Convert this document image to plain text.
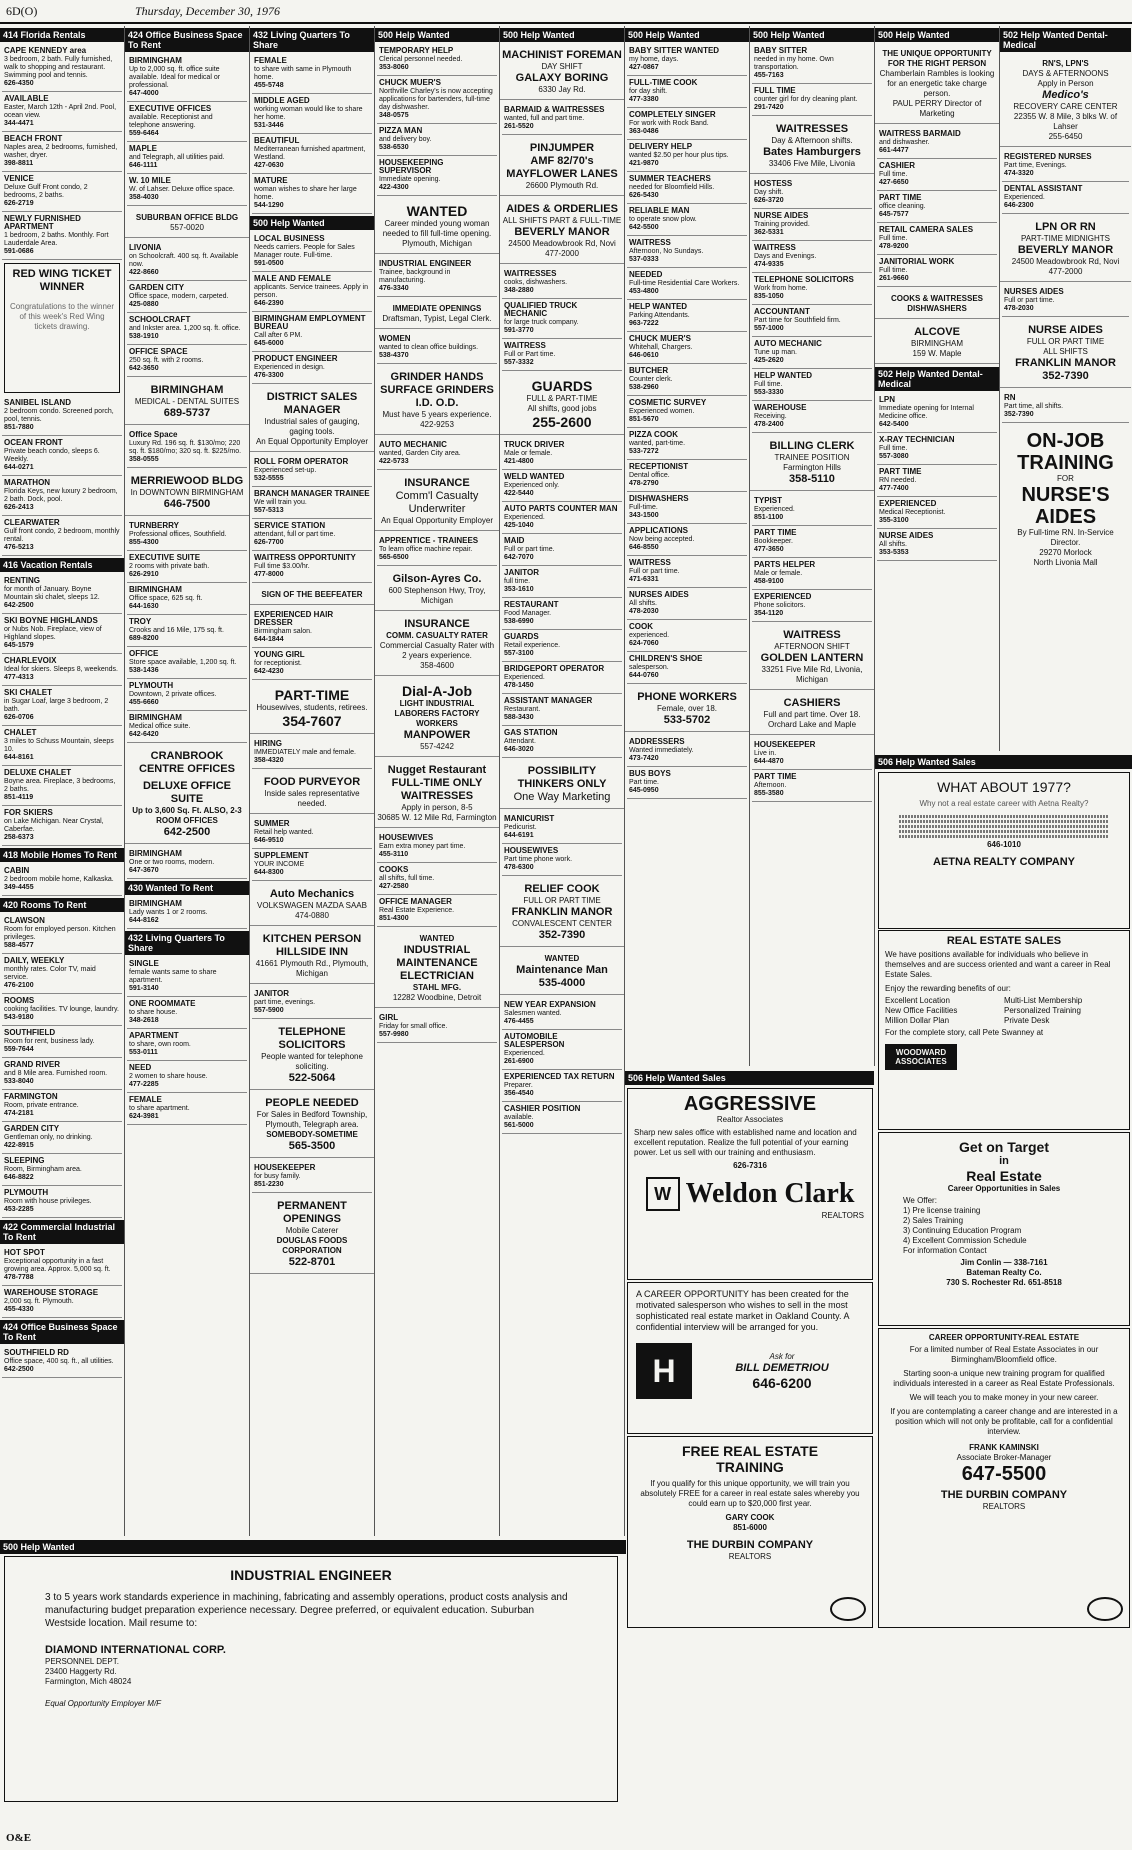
6D(O)	Thursday, December 30, 1976
414 Florida Rentals
CAPE KENNEDY area
3 bedroom, 2 bath. Fully furnished, walk to shopping and restaurant. Swimming pool and tennis.
626-4350
AVAILABLE
Easter, March 12th - April 2nd. Pool, ocean view.
344-4471
BEACH FRONT
Naples area, 2 bedrooms, furnished, washer, dryer.
398-8811
VENICE
Deluxe Gulf Front condo, 2 bedrooms, 2 baths.
626-2719
NEWLY FURNISHED APARTMENT
1 bedroom, 2 baths. Monthly. Fort Lauderdale Area.
591-0686
RED WING TICKET WINNER
Congratulations to the winner of this week's Red Wing tickets drawing.
SANIBEL ISLAND
2 bedroom condo. Screened porch, pool, tennis.
851-7880
OCEAN FRONT
Private beach condo, sleeps 6. Weekly.
644-0271
MARATHON
Florida Keys, new luxury 2 bedroom, 2 bath. Dock, pool.
626-2413
CLEARWATER
Gulf front condo, 2 bedroom, monthly rental.
476-5213
416 Vacation Rentals
RENTING
for month of January. Boyne Mountain ski chalet, sleeps 12.
642-2500
SKI BOYNE HIGHLANDS
or Nubs Nob. Fireplace, view of Highland slopes.
645-1579
CHARLEVOIX
Ideal for skiers. Sleeps 8, weekends.
477-4313
SKI CHALET
in Sugar Loaf, large 3 bedroom, 2 bath.
626-0706
CHALET
3 miles to Schuss Mountain, sleeps 10.
644-8161
DELUXE CHALET
Boyne area. Fireplace, 3 bedrooms, 2 baths.
851-4119
FOR SKIERS
on Lake Michigan. Near Crystal, Caberfae.
258-6373
418 Mobile Homes To Rent
CABIN
2 bedroom mobile home, Kalkaska.
349-4455
420 Rooms To Rent
CLAWSON
Room for employed person. Kitchen privileges.
588-4577
DAILY, WEEKLY
monthly rates. Color TV, maid service.
476-2100
ROOMS
cooking facilities. TV lounge, laundry.
543-9180
SOUTHFIELD
Room for rent, business lady.
559-7644
GRAND RIVER
and 8 Mile area. Furnished room.
533-8040
FARMINGTON
Room, private entrance.
474-2181
GARDEN CITY
Gentleman only, no drinking.
422-8915
SLEEPING
Room, Birmingham area.
646-8822
PLYMOUTH
Room with house privileges.
453-2285
422 Commercial Industrial To Rent
HOT SPOT
Exceptional opportunity in a fast growing area. Approx. 5,000 sq. ft.
478-7788
WAREHOUSE STORAGE
2,000 sq. ft. Plymouth.
455-4330
424 Office Business Space To Rent
SOUTHFIELD RD
Office space, 400 sq. ft., all utilities.
642-2500
424 Office Business Space To Rent
BIRMINGHAM
Up to 2,000 sq. ft. office suite available. Ideal for medical or professional.
647-4000
EXECUTIVE OFFICES
available. Receptionist and telephone answering.
559-6464
MAPLE
and Telegraph, all utilities paid.
646-1111
W. 10 MILE
W. of Lahser. Deluxe office space.
358-4030
SUBURBAN OFFICE BLDG
557-0020
LIVONIA
on Schoolcraft. 400 sq. ft. Available now.
422-8660
GARDEN CITY
Office space, modern, carpeted.
425-0880
SCHOOLCRAFT
and Inkster area. 1,200 sq. ft. office.
538-1910
OFFICE SPACE
250 sq. ft. with 2 rooms.
642-3650
BIRMINGHAM
MEDICAL - DENTAL SUITES
689-5737
Office Space
Luxury Rd. 196 sq. ft. $130/mo; 220 sq. ft. $180/mo; 320 sq. ft. $225/mo.
358-0555
MERRIEWOOD BLDG
In DOWNTOWN BIRMINGHAM
646-7500
TURNBERRY
Professional offices, Southfield.
855-4300
EXECUTIVE SUITE
2 rooms with private bath.
626-2910
BIRMINGHAM
Office space, 625 sq. ft.
644-1630
TROY
Crooks and 16 Mile, 175 sq. ft.
689-8200
OFFICE
Store space available, 1,200 sq. ft.
538-1436
PLYMOUTH
Downtown, 2 private offices.
455-6660
BIRMINGHAM
Medical office suite.
642-6420
CRANBROOK CENTRE OFFICES
DELUXE OFFICE SUITE
Up to 3,600 Sq. Ft. ALSO, 2-3 ROOM OFFICES
642-2500
BIRMINGHAM
One or two rooms, modern.
647-3670
430 Wanted To Rent
BIRMINGHAM
Lady wants 1 or 2 rooms.
644-8162
432 Living Quarters To Share
SINGLE
female wants same to share apartment.
591-3140
ONE ROOMMATE
to share house.
348-2618
APARTMENT
to share, own room.
553-0111
NEED
2 women to share house.
477-2285
FEMALE
to share apartment.
624-3981
432 Living Quarters To Share
FEMALE
to share with same in Plymouth home.
455-5748
MIDDLE AGED
working woman would like to share her home.
531-3446
BEAUTIFUL
Mediterranean furnished apartment, Westland.
427-0630
MATURE
woman wishes to share her large home.
544-1290
500 Help Wanted
LOCAL BUSINESS
Needs carriers. People for Sales Manager route. Full-time.
591-0500
MALE AND FEMALE
applicants. Service trainees. Apply in person.
646-2390
BIRMINGHAM EMPLOYMENT BUREAU
Call after 6 PM.
645-6000
PRODUCT ENGINEER
Experienced in design.
476-3300
DISTRICT SALES MANAGER
Industrial sales of gauging, gaging tools.
An Equal Opportunity Employer
ROLL FORM OPERATOR
Experienced set-up.
532-5555
BRANCH MANAGER TRAINEE
We will train you.
557-5313
SERVICE STATION
attendant, full or part time.
626-7700
WAITRESS OPPORTUNITY
Full time $3.00/hr.
477-8000
SIGN OF THE BEEFEATER
EXPERIENCED HAIR DRESSER
Birmingham salon.
644-1844
YOUNG GIRL
for receptionist.
642-4230
PART-TIME
Housewives, students, retirees.
354-7607
HIRING
IMMEDIATELY male and female.
358-4320
FOOD PURVEYOR
Inside sales representative needed.
SUMMER
Retail help wanted.
646-9510
SUPPLEMENT
YOUR INCOME
644-8300
Auto Mechanics
VOLKSWAGEN MAZDA SAAB
474-0880
KITCHEN PERSON
HILLSIDE INN
41661 Plymouth Rd., Plymouth, Michigan
JANITOR
part time, evenings.
557-5900
TELEPHONE SOLICITORS
People wanted for telephone soliciting.
522-5064
PEOPLE NEEDED
For Sales in Bedford Township, Plymouth, Telegraph area.
SOMEBODY-SOMETIME
565-3500
HOUSEKEEPER
for busy family.
851-2230
PERMANENT OPENINGS
Mobile Caterer
DOUGLAS FOODS CORPORATION
522-8701
500 Help Wanted
TEMPORARY HELP
Clerical personnel needed.
353-8060
CHUCK MUER'S
Northville Charley's is now accepting applications for bartenders, full-time day dishwasher.
348-0575
PIZZA MAN
and delivery boy.
538-6530
HOUSEKEEPING SUPERVISOR
Immediate opening.
422-4300
WANTED
Career minded young woman needed to fill full-time opening.
Plymouth, Michigan
INDUSTRIAL ENGINEER
Trainee, background in manufacturing.
476-3340
IMMEDIATE OPENINGS
Draftsman, Typist, Legal Clerk.
WOMEN
wanted to clean office buildings.
538-4370
GRINDER HANDS SURFACE GRINDERS I.D. O.D.
Must have 5 years experience.
422-9253
AUTO MECHANIC
wanted, Garden City area.
422-5733
INSURANCE
Comm'l Casualty Underwriter
An Equal Opportunity Employer
APPRENTICE - TRAINEES
To learn office machine repair.
565-6500
Gilson-Ayres Co.
600 Stephenson Hwy, Troy, Michigan
INSURANCE
COMM. CASUALTY RATER
Commercial Casualty Rater with 2 years experience.
358-4600
Dial-A-Job
LIGHT INDUSTRIAL LABORERS FACTORY WORKERS
MANPOWER
557-4242
Nugget Restaurant
FULL-TIME ONLY WAITRESSES
Apply in person, 8-5
30685 W. 12 Mile Rd, Farmington
HOUSEWIVES
Earn extra money part time.
455-3110
COOKS
all shifts, full time.
427-2580
OFFICE MANAGER
Real Estate Experience.
851-4300
WANTED
INDUSTRIAL MAINTENANCE ELECTRICIAN
STAHL MFG.
12282 Woodbine, Detroit
GIRL
Friday for small office.
557-9980
500 Help Wanted
MACHINIST FOREMAN
DAY SHIFT
GALAXY BORING
6330 Jay Rd.
BARMAID & WAITRESSES
wanted, full and part time.
261-5520
PINJUMPER
AMF 82/70's
MAYFLOWER LANES
26600 Plymouth Rd.
AIDES & ORDERLIES
ALL SHIFTS PART & FULL-TIME
BEVERLY MANOR
24500 Meadowbrook Rd, Novi
477-2000
WAITRESSES
cooks, dishwashers.
348-2880
QUALIFIED TRUCK MECHANIC
for large truck company.
591-3770
WAITRESS
Full or Part time.
557-3332
GUARDS
FULL & PART-TIME
All shifts, good jobs
255-2600
TRUCK DRIVER
Male or female.
421-4800
WELD WANTED
Experienced only.
422-5440
AUTO PARTS COUNTER MAN
Experienced.
425-1040
MAID
Full or part time.
642-7070
JANITOR
full time.
353-1610
RESTAURANT
Food Manager.
538-6990
GUARDS
Retail experience.
557-3100
BRIDGEPORT OPERATOR
Experienced.
478-1450
ASSISTANT MANAGER
Restaurant.
588-3430
GAS STATION
Attendant.
646-3020
POSSIBILITY THINKERS ONLY
One Way Marketing
MANICURIST
Pedicurist.
644-6191
HOUSEWIVES
Part time phone work.
478-6300
RELIEF COOK
FULL OR PART TIME
FRANKLIN MANOR
CONVALESCENT CENTER
352-7390
WANTED
Maintenance Man
535-4000
NEW YEAR EXPANSION
Salesmen wanted.
476-4455
AUTOMOBILE SALESPERSON
Experienced.
261-6900
EXPERIENCED TAX RETURN
Preparer.
356-4540
CASHIER POSITION
available.
561-5000
500 Help Wanted
BABY SITTER WANTED
my home, days.
427-0867
FULL-TIME COOK
for day shift.
477-3380
COMPLETELY SINGER
For work with Rock Band.
363-0486
DELIVERY HELP
wanted $2.50 per hour plus tips.
421-9870
SUMMER TEACHERS
needed for Bloomfield Hills.
626-5430
RELIABLE MAN
to operate snow plow.
642-5500
WAITRESS
Afternoon, No Sundays.
537-0333
NEEDED
Full-time Residential Care Workers.
453-4800
HELP WANTED
Parking Attendants.
963-7222
CHUCK MUER'S
Whitehall, Chargers.
646-0610
BUTCHER
Counter clerk.
538-2960
COSMETIC SURVEY
Experienced women.
851-5670
PIZZA COOK
wanted, part-time.
533-7272
RECEPTIONIST
Dental office.
478-2790
DISHWASHERS
Full-time.
343-1500
APPLICATIONS
Now being accepted.
646-8550
WAITRESS
Full or part time.
471-6331
NURSES AIDES
All shifts.
478-2030
COOK
experienced.
624-7060
CHILDREN'S SHOE
salesperson.
644-0760
PHONE WORKERS
Female, over 18.
533-5702
ADDRESSERS
Wanted immediately.
473-7420
BUS BOYS
Part time.
645-0950
500 Help Wanted
BABY SITTER
needed in my home. Own transportation.
455-7163
FULL TIME
counter girl for dry cleaning plant.
291-7420
WAITRESSES
Day & Afternoon shifts.
Bates Hamburgers
33406 Five Mile, Livonia
HOSTESS
Day shift.
626-3720
NURSE AIDES
Training provided.
362-5331
WAITRESS
Days and Evenings.
474-9335
TELEPHONE SOLICITORS
Work from home.
835-1050
ACCOUNTANT
Part time for Southfield firm.
557-1000
AUTO MECHANIC
Tune up man.
425-2620
HELP WANTED
Full time.
553-3330
WAREHOUSE
Receiving.
478-2400
BILLING CLERK
TRAINEE POSITION
Farmington Hills
358-5110
TYPIST
Experienced.
851-1100
PART TIME
Bookkeeper.
477-3650
PARTS HELPER
Male or female.
458-9100
EXPERIENCED
Phone solicitors.
354-1120
WAITRESS
AFTERNOON SHIFT
GOLDEN LANTERN
33251 Five Mile Rd, Livonia, Michigan
CASHIERS
Full and part time. Over 18.
Orchard Lake and Maple
HOUSEKEEPER
Live in.
644-4870
PART TIME
Afternoon.
855-3580
500 Help Wanted
THE UNIQUE OPPORTUNITY FOR THE RIGHT PERSON
Chamberlain Rambles is looking for an energetic take charge person.
PAUL PERRY Director of Marketing
WAITRESS BARMAID
and dishwasher.
661-4477
CASHIER
Full time.
427-6650
PART TIME
office cleaning.
645-7577
RETAIL CAMERA SALES
Full time.
478-9200
JANITORIAL WORK
Full time.
261-9660
COOKS & WAITRESSES
DISHWASHERS
ALCOVE
BIRMINGHAM
159 W. Maple
502 Help Wanted Dental-Medical
LPN
Immediate opening for Internal Medicine office.
642-5400
X-RAY TECHNICIAN
Full time.
557-3080
PART TIME
RN needed.
477-7400
EXPERIENCED
Medical Receptionist.
355-3100
NURSE AIDES
All shifts.
353-5353
502 Help Wanted Dental-Medical
RN'S, LPN'S
DAYS & AFTERNOONS
Apply in Person
Medico's
RECOVERY CARE CENTER
22355 W. 8 Mile, 3 blks W. of Lahser
255-6450
REGISTERED NURSES
Part time, Evenings.
474-3320
DENTAL ASSISTANT
Experienced.
646-2300
LPN OR RN
PART-TIME MIDNIGHTS
BEVERLY MANOR
24500 Meadowbrook Rd, Novi
477-2000
NURSES AIDES
Full or part time.
478-2030
NURSE AIDES
FULL OR PART TIME
ALL SHIFTS
FRANKLIN MANOR
352-7390
RN
Part time, all shifts.
352-7390
ON-JOB TRAINING
FOR
NURSE'S AIDES
By Full-time RN. In-Service Director.
29270 Morlock
North Livonia Mall
506 Help Wanted Sales
AGGRESSIVE
Realtor Associates
Sharp new sales office with established name and location and excellent reputation. Realize the full potential of your earning power. Let us sell with our training and enthusiasm.
626-7316
W Weldon Clark
REALTORS
A CAREER OPPORTUNITY has been created for the motivated salesperson who wishes to sell in the most sophisticated real estate market in Oakland County. A confidential interview will be arranged for you.
H	Ask for
BILL DEMETRIOU
646-6200
FREE REAL ESTATE TRAINING
If you qualify for this unique opportunity, we will train you absolutely FREE for a career in real estate sales whereby you could earn up to $20,000 first year.
GARY COOK
851-6000
THE DURBIN COMPANY
REALTORS
506 Help Wanted Sales
WHAT ABOUT 1977?
Why not a real estate career with Aetna Realty?
646-1010
AETNA REALTY COMPANY
REAL ESTATE SALES
We have positions available for individuals who believe in themselves and are success oriented and want a career in Real Estate Sales.
Enjoy the rewarding benefits of our:
Excellent Location	Multi-List Membership
New Office Facilities	Personalized Training
Million Dollar Plan	Private Desk
For the complete story, call Pete Swanney at
WOODWARD ASSOCIATES
Get on Target
in
Real Estate
Career Opportunities in Sales
We Offer:
1) Pre license training
2) Sales Training
3) Continuing Education Program
4) Excellent Commission Schedule
For information Contact
Jim Conlin — 338-7161
Bateman Realty Co.
730 S. Rochester Rd. 651-8518
CAREER OPPORTUNITY-REAL ESTATE
For a limited number of Real Estate Associates in our Birmingham/Bloomfield office.
Starting soon-a unique new training program for qualified individuals interested in a career as Real Estate Professionals.
We will teach you to make money in your new career.
If you are contemplating a career change and are interested in a position which will not only be profitable, call for a confidential interview.
FRANK KAMINSKI
Associate Broker-Manager
647-5500
THE DURBIN COMPANY
REALTORS
500 Help Wanted
INDUSTRIAL ENGINEER
3 to 5 years work standards experience in machining, fabricating and assembly operations, product costs analysis and manufacturing budget preparation experience necessary. Degree preferred, or equivalent education. Suburban Westside location. Mail resume to:
DIAMOND INTERNATIONAL CORP.
PERSONNEL DEPT.
23400 Haggerty Rd.
Farmington, Mich 48024
Equal Opportunity Employer M/F
O&E
